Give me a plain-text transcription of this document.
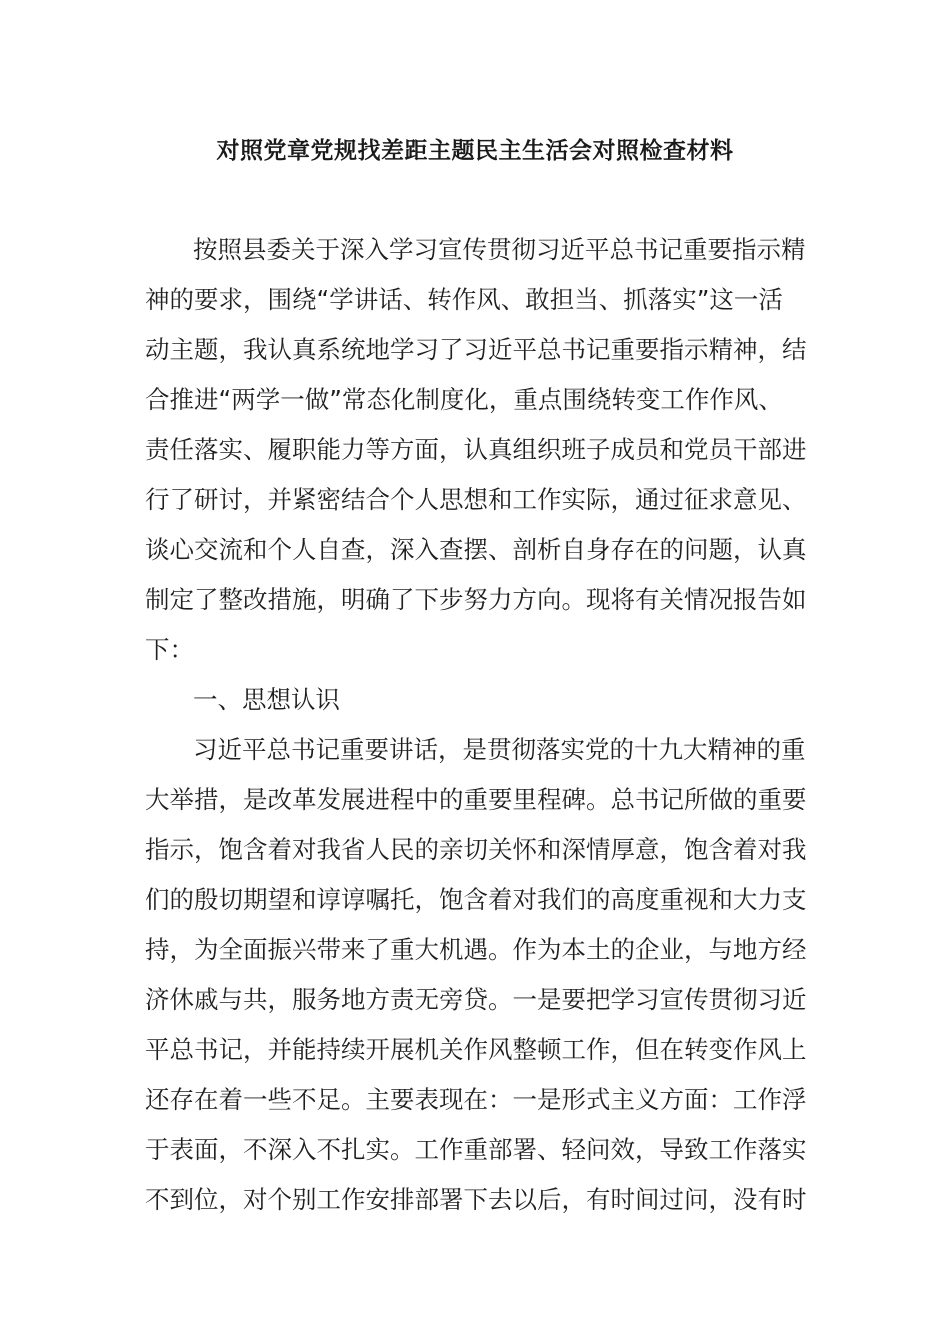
对照党章党规找差距主题民主生活会对照检查材料
按照县委关于深入学习宣传贯彻习近平总书记重要指示精
神的要求，围绕“学讲话、转作风、敢担当、抓落实”这一活
动主题，我认真系统地学习了习近平总书记重要指示精神，结
合推进“两学一做”常态化制度化，重点围绕转变工作作风、
责任落实、履职能力等方面，认真组织班子成员和党员干部进
行了研讨，并紧密结合个人思想和工作实际，通过征求意见、
谈心交流和个人自查，深入查摆、剖析自身存在的问题，认真
制定了整改措施，明确了下步努力方向。现将有关情况报告如
下：
一、思想认识
习近平总书记重要讲话，是贯彻落实党的十九大精神的重
大举措，是改革发展进程中的重要里程碑。总书记所做的重要
指示，饱含着对我省人民的亲切关怀和深情厚意，饱含着对我
们的殷切期望和谆谆嘱托，饱含着对我们的高度重视和大力支
持，为全面振兴带来了重大机遇。作为本土的企业，与地方经
济休戚与共，服务地方责无旁贷。一是要把学习宣传贯彻习近
平总书记，并能持续开展机关作风整顿工作，但在转变作风上
还存在着一些不足。主要表现在：一是形式主义方面：工作浮
于表面，不深入不扎实。工作重部署、轻问效，导致工作落实
不到位，对个别工作安排部署下去以后，有时间过问，没有时
